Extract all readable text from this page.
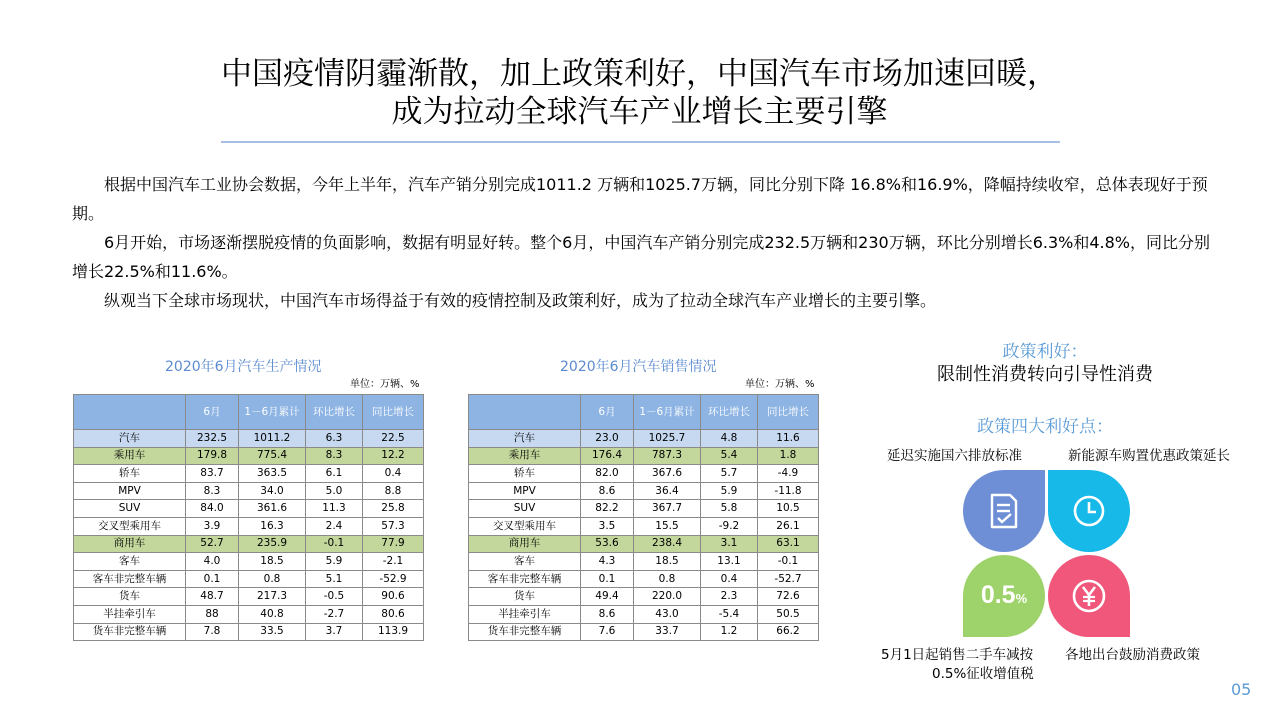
中国疫情阴霾渐散，加上政策利好，中国汽车市场加速回暖，
成为拉动全球汽车产业增长主要引擎

根据中国汽车工业协会数据，今年上半年，汽车产销分别完成1011.2 万辆和1025.7万辆，同比分别下降 16.8%和16.9%，降幅持续收窄，总体表现好于预期。

6月开始，市场逐渐摆脱疫情的负面影响，数据有明显好转。整个6月，中国汽车产销分别完成232.5万辆和230万辆，环比分别增长6.3%和4.8%，同比分别增长22.5%和11.6%。

纵观当下全球市场现状，中国汽车市场得益于有效的疫情控制及政策利好，成为了拉动全球汽车产业增长的主要引擎。

2020年6月汽车生产情况
单位：万辆、%
	6月	1－6月累计	环比增长	同比增长
汽车	232.5	1011.2	6.3	22.5
乘用车	179.8	775.4	8.3	12.2
轿车	83.7	363.5	6.1	0.4
MPV	8.3	34.0	5.0	8.8
SUV	84.0	361.6	11.3	25.8
交叉型乘用车	3.9	16.3	2.4	57.3
商用车	52.7	235.9	-0.1	77.9
客车	4.0	18.5	5.9	-2.1
客车非完整车辆	0.1	0.8	5.1	-52.9
货车	48.7	217.3	-0.5	90.6
半挂牵引车	88	40.8	-2.7	80.6
货车非完整车辆	7.8	33.5	3.7	113.9
2020年6月汽车销售情况
单位：万辆、%
	6月	1－6月累计	环比增长	同比增长
汽车	23.0	1025.7	4.8	11.6
乘用车	176.4	787.3	5.4	1.8
轿车	82.0	367.6	5.7	-4.9
MPV	8.6	36.4	5.9	-11.8
SUV	82.2	367.7	5.8	10.5
交叉型乘用车	3.5	15.5	-9.2	26.1
商用车	53.6	238.4	3.1	63.1
客车	4.3	18.5	13.1	-0.1
客车非完整车辆	0.1	0.8	0.4	-52.7
货车	49.4	220.0	2.3	72.6
半挂牵引车	8.6	43.0	-5.4	50.5
货车非完整车辆	7.6	33.7	1.2	66.2
政策利好：
限制性消费转向引导性消费
政策四大利好点：
延迟实施国六排放标准	新能源车购置优惠政策延长
5月1日起销售二手车减按
0.5%征收增值税
各地出台鼓励消费政策
0.5%
05
